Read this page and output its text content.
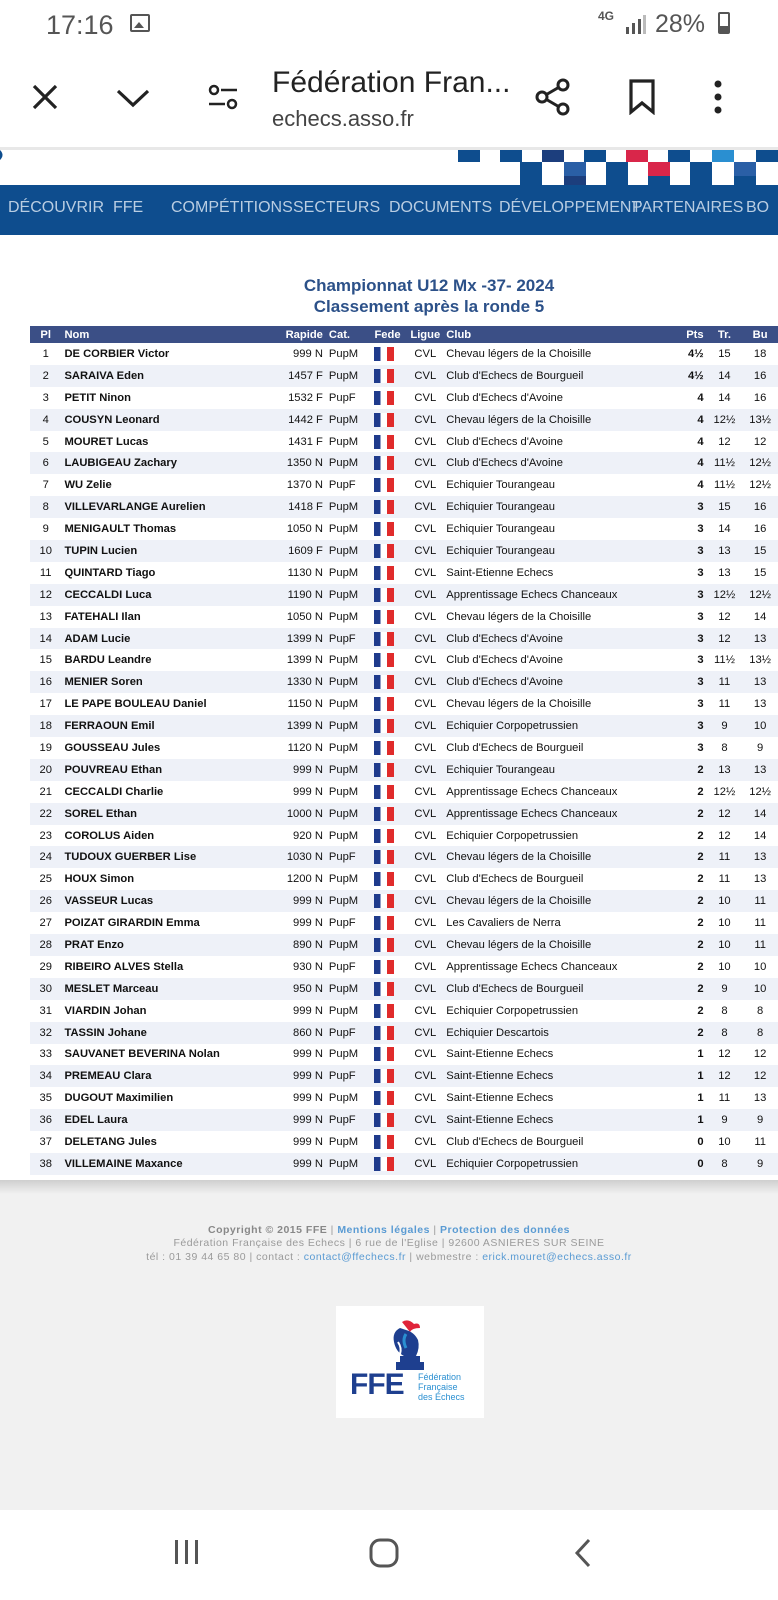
17:16	4G 28%
Fédération Fran...
echecs.asso.fr
DÉCOUVRIR FFE COMPÉTITIONS SECTEURS DOCUMENTS DÉVELOPPEMENT
PARTENAIRES BO
Championnat U12 Mx -37- 2024
Classement après la ronde 5
Pl	Nom	Rapide	Cat.	Fede	Ligue	Club	Pts	Tr.	Bu
1	DE CORBIER Victor	999 N	PupM		CVL	Chevau légers de la Choisille	4½	15	18
2	SARAIVA Eden	1457 F	PupM		CVL	Club d'Echecs de Bourgueil	4½	14	16
3	PETIT Ninon	1532 F	PupF		CVL	Club d'Echecs d'Avoine	4	14	16
4	COUSYN Leonard	1442 F	PupM		CVL	Chevau légers de la Choisille	4	12½	13½
5	MOURET Lucas	1431 F	PupM		CVL	Club d'Echecs d'Avoine	4	12	12
6	LAUBIGEAU Zachary	1350 N	PupM		CVL	Club d'Echecs d'Avoine	4	11½	12½
7	WU Zelie	1370 N	PupF		CVL	Echiquier Tourangeau	4	11½	12½
8	VILLEVARLANGE Aurelien	1418 F	PupM		CVL	Echiquier Tourangeau	3	15	16
9	MENIGAULT Thomas	1050 N	PupM		CVL	Echiquier Tourangeau	3	14	16
10	TUPIN Lucien	1609 F	PupM		CVL	Echiquier Tourangeau	3	13	15
11	QUINTARD Tiago	1130 N	PupM		CVL	Saint-Etienne Echecs	3	13	15
12	CECCALDI Luca	1190 N	PupM		CVL	Apprentissage Echecs Chanceaux	3	12½	12½
13	FATEHALI Ilan	1050 N	PupM		CVL	Chevau légers de la Choisille	3	12	14
14	ADAM Lucie	1399 N	PupF		CVL	Club d'Echecs d'Avoine	3	12	13
15	BARDU Leandre	1399 N	PupM		CVL	Club d'Echecs d'Avoine	3	11½	13½
16	MENIER Soren	1330 N	PupM		CVL	Club d'Echecs d'Avoine	3	11	13
17	LE PAPE BOULEAU Daniel	1150 N	PupM		CVL	Chevau légers de la Choisille	3	11	13
18	FERRAOUN Emil	1399 N	PupM		CVL	Echiquier Corpopetrussien	3	9	10
19	GOUSSEAU Jules	1120 N	PupM		CVL	Club d'Echecs de Bourgueil	3	8	9
20	POUVREAU Ethan	999 N	PupM		CVL	Echiquier Tourangeau	2	13	13
21	CECCALDI Charlie	999 N	PupM		CVL	Apprentissage Echecs Chanceaux	2	12½	12½
22	SOREL Ethan	1000 N	PupM		CVL	Apprentissage Echecs Chanceaux	2	12	14
23	COROLUS Aiden	920 N	PupM		CVL	Echiquier Corpopetrussien	2	12	14
24	TUDOUX GUERBER Lise	1030 N	PupF		CVL	Chevau légers de la Choisille	2	11	13
25	HOUX Simon	1200 N	PupM		CVL	Club d'Echecs de Bourgueil	2	11	13
26	VASSEUR Lucas	999 N	PupM		CVL	Chevau légers de la Choisille	2	10	11
27	POIZAT GIRARDIN Emma	999 N	PupF		CVL	Les Cavaliers de Nerra	2	10	11
28	PRAT Enzo	890 N	PupM		CVL	Chevau légers de la Choisille	2	10	11
29	RIBEIRO ALVES Stella	930 N	PupF		CVL	Apprentissage Echecs Chanceaux	2	10	10
30	MESLET Marceau	950 N	PupM		CVL	Club d'Echecs de Bourgueil	2	9	10
31	VIARDIN Johan	999 N	PupM		CVL	Echiquier Corpopetrussien	2	8	8
32	TASSIN Johane	860 N	PupF		CVL	Echiquier Descartois	2	8	8
33	SAUVANET BEVERINA Nolan	999 N	PupM		CVL	Saint-Etienne Echecs	1	12	12
34	PREMEAU Clara	999 N	PupF		CVL	Saint-Etienne Echecs	1	12	12
35	DUGOUT Maximilien	999 N	PupM		CVL	Saint-Etienne Echecs	1	11	13
36	EDEL Laura	999 N	PupF		CVL	Saint-Etienne Echecs	1	9	9
37	DELETANG Jules	999 N	PupM		CVL	Club d'Echecs de Bourgueil	0	10	11
38	VILLEMAINE Maxance	999 N	PupM		CVL	Echiquier Corpopetrussien	0	8	9
Copyright © 2015 FFE | Mentions légales | Protection des données
Fédération Française des Echecs | 6 rue de l'Eglise | 92600 ASNIERES SUR SEINE
tél : 01 39 44 65 80 | contact : contact@ffechecs.fr | webmestre : erick.mouret@echecs.asso.fr
FFE Fédération
Française
des Échecs
